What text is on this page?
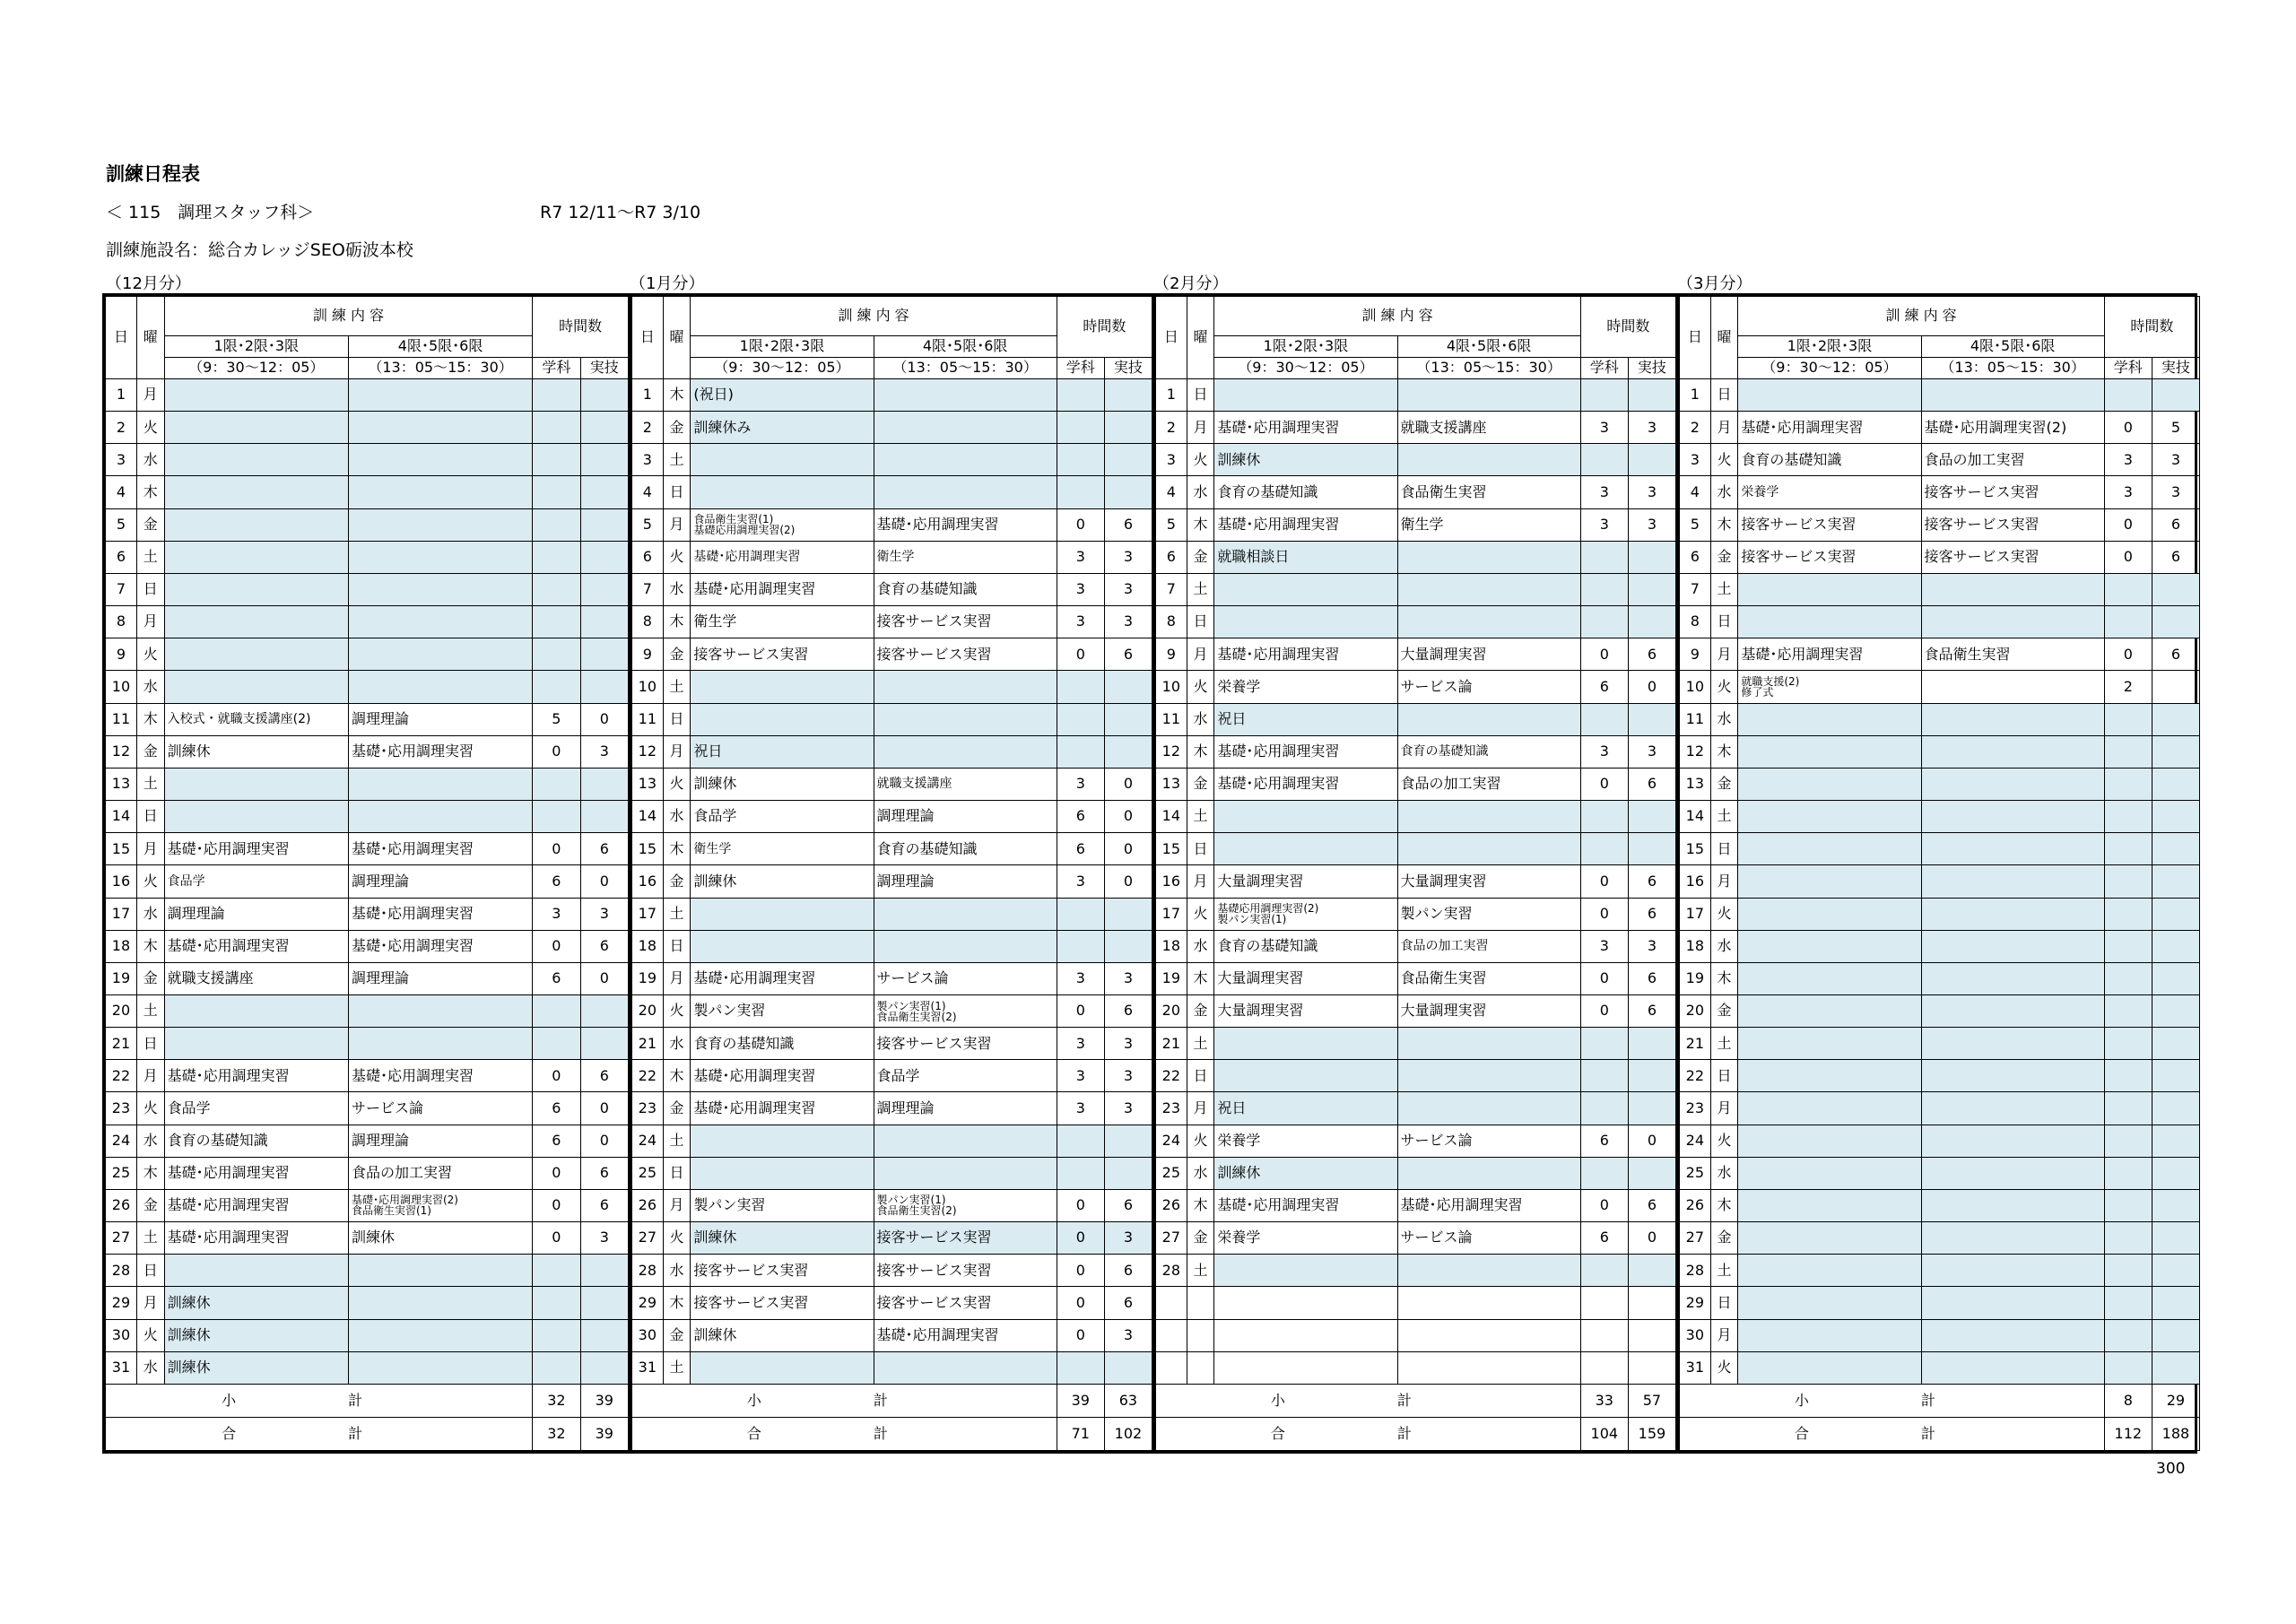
訓練日程表
＜ 115　調理スタッフ科＞	R7 12/11～R7 3/10
訓練施設名：総合カレッジSEO砺波本校
（12月分）	（1月分）	（2月分）	（3月分）
日	曜	訓 練 内 容		時間数	
		1限･2限･3限	4限･5限･6限		
		（9：30～12：05）	（13：05～15：30）	学科	実技
1	月	

2	火	

3	水	

4	木	

5	金	

6	土	

7	日	

8	月	

9	火	

10	水	

11	木	入校式・就職支援講座(2)	調理理論	5	0
12	金	訓練休	基礎･応用調理実習	0	3
13	土	

14	日	

15	月	基礎･応用調理実習	基礎･応用調理実習	0	6
16	火	食品学	調理理論	6	0
17	水	調理理論	基礎･応用調理実習	3	3
18	木	基礎･応用調理実習	基礎･応用調理実習	0	6
19	金	就職支援講座	調理理論	6	0
20	土	

21	日	

22	月	基礎･応用調理実習	基礎･応用調理実習	0	6
23	火	食品学	サービス論	6	0
24	水	食育の基礎知識	調理理論	6	0
25	木	基礎･応用調理実習	食品の加工実習	0	6
26	金	基礎･応用調理実習	基礎･応用調理実習(2)
食品衛生実習(1)	0	6
27	土	基礎･応用調理実習	訓練休	0	3
28	日	

29	月	訓練休			

30	火	訓練休			

31	水	訓練休			

小 計				32	39
合 計				32	39
日	曜	訓 練 内 容		時間数	
		1限･2限･3限	4限･5限･6限		
		（9：30～12：05）	（13：05～15：30）	学科	実技
1	木	(祝日)			

2	金	訓練休み			

3	土	

4	日	

5	月	食品衛生実習(1)
基礎応用調理実習(2)	基礎･応用調理実習	0	6
6	火	基礎･応用調理実習	衛生学	3	3
7	水	基礎･応用調理実習	食育の基礎知識	3	3
8	木	衛生学	接客サービス実習	3	3
9	金	接客サービス実習	接客サービス実習	0	6
10	土	

11	日	

12	月	祝日			

13	火	訓練休	就職支援講座	3	0
14	水	食品学	調理理論	6	0
15	木	衛生学	食育の基礎知識	6	0
16	金	訓練休	調理理論	3	0
17	土	

18	日	

19	月	基礎･応用調理実習	サービス論	3	3
20	火	製パン実習	製パン実習(1)
食品衛生実習(2)	0	6
21	水	食育の基礎知識	接客サービス実習	3	3
22	木	基礎･応用調理実習	食品学	3	3
23	金	基礎･応用調理実習	調理理論	3	3
24	土	

25	日	

26	月	製パン実習	製パン実習(1)
食品衛生実習(2)	0	6
27	火	訓練休	接客サービス実習	0	3
28	水	接客サービス実習	接客サービス実習	0	6
29	木	接客サービス実習	接客サービス実習	0	6
30	金	訓練休	基礎･応用調理実習	0	3
31	土	

小 計				39	63
合 計				71	102
日	曜	訓 練 内 容		時間数	
		1限･2限･3限	4限･5限･6限		
		（9：30～12：05）	（13：05～15：30）	学科	実技
1	日	

2	月	基礎･応用調理実習	就職支援講座	3	3
3	火	訓練休			

4	水	食育の基礎知識	食品衛生実習	3	3
5	木	基礎･応用調理実習	衛生学	3	3
6	金	就職相談日			

7	土	

8	日	

9	月	基礎･応用調理実習	大量調理実習	0	6
10	火	栄養学	サービス論	6	0
11	水	祝日			

12	木	基礎･応用調理実習	食育の基礎知識	3	3
13	金	基礎･応用調理実習	食品の加工実習	0	6
14	土	

15	日	

16	月	大量調理実習	大量調理実習	0	6
17	火	基礎応用調理実習(2)
製パン実習(1)	製パン実習	0	6
18	水	食育の基礎知識	食品の加工実習	3	3
19	木	大量調理実習	食品衛生実習	0	6
20	金	大量調理実習	大量調理実習	0	6
21	土	

22	日	

23	月	祝日			

24	火	栄養学	サービス論	6	0
25	水	訓練休			

26	木	基礎･応用調理実習	基礎･応用調理実習	0	6
27	金	栄養学	サービス論	6	0
28	土	

小 計				33	57
合 計				104	159
日	曜	訓 練 内 容		時間数	
		1限･2限･3限	4限･5限･6限		
		（9：30～12：05）	（13：05～15：30）	学科	実技
1	日	

2	月	基礎･応用調理実習	基礎･応用調理実習(2)	0	5
3	火	食育の基礎知識	食品の加工実習	3	3
4	水	栄養学	接客サービス実習	3	3
5	木	接客サービス実習	接客サービス実習	0	6
6	金	接客サービス実習	接客サービス実習	0	6
7	土	

8	日	

9	月	基礎･応用調理実習	食品衛生実習	0	6
10	火	就職支援(2)
修了式		2	
11	水	

12	木	

13	金	

14	土	

15	日	

16	月	

17	火	

18	水	

19	木	

20	金	

21	土	

22	日	

23	月	

24	火	

25	水	

26	木	

27	金	

28	土	

29	日	

30	月	

31	火	

小 計				8	29
合 計				112	188
300
